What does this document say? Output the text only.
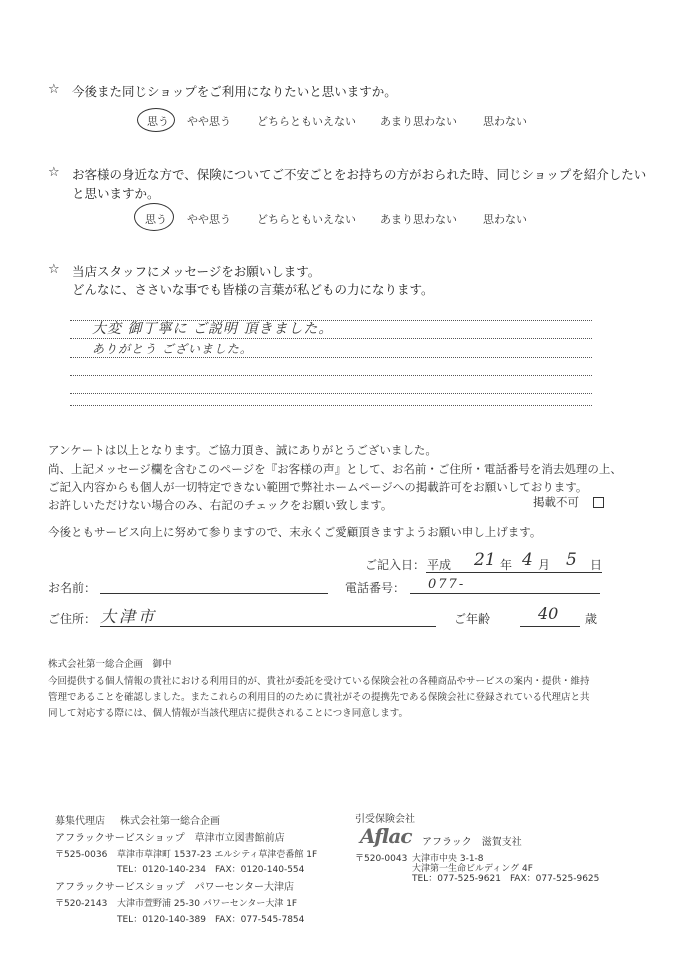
☆ 今後また同じショップをご利用になりたいと思いますか。
思う やや思う どちらともいえない あまり思わない 思わない
☆ お客様の身近な方で、保険についてご不安ごとをお持ちの方がおられた時、同じショップを紹介したい
と思いますか。
思う やや思う どちらともいえない あまり思わない 思わない
☆ 当店スタッフにメッセージをお願いします。
どんなに、ささいな事でも皆様の言葉が私どもの力になります。
大変 御丁寧に ご説明 頂きました。
ありがとう ございました。
アンケートは以上となります。ご協力頂き、誠にありがとうございました。
尚、上記メッセージ欄を含むこのページを『お客様の声』として、お名前・ご住所・電話番号を消去処理の上、
ご記入内容からも個人が一切特定できない範囲で弊社ホームページへの掲載許可をお願いしております。
お許しいただけない場合のみ、右記のチェックをお願い致します。	掲載不可
今後ともサービス向上に努めて参りますので、末永くご愛顧頂きますようお願い申し上げます。
ご記入日： 平成 21 年 4 月 5 日
お名前：	電話番号： 077-
ご住所： 大津市	ご年齢	40 歳
株式会社第一総合企画　御中
今回提供する個人情報の貴社における利用目的が、貴社が委託を受けている保険会社の各種商品やサービスの案内・提供・維持
管理であることを確認しました。またこれらの利用目的のために貴社がその提携先である保険会社に登録されている代理店と共
同して対応する際には、個人情報が当該代理店に提供されることにつき同意します。
募集代理店 株式会社第一総合企画
アフラックサービスショップ　草津市立図書館前店
〒525-0036 草津市草津町 1537-23 エルシティ草津壱番館 1F
TEL：0120-140-234　FAX：0120-140-554
アフラックサービスショップ　パワーセンター大津店
〒520-2143 大津市萱野浦 25-30 パワーセンター大津 1F
TEL：0120-140-389　FAX：077-545-7854
引受保険会社
Aflac アフラック　滋賀支社
〒520-0043 大津市中央 3-1-8
大津第一生命ビルディング 4F
TEL：077-525-9621　FAX：077-525-9625
